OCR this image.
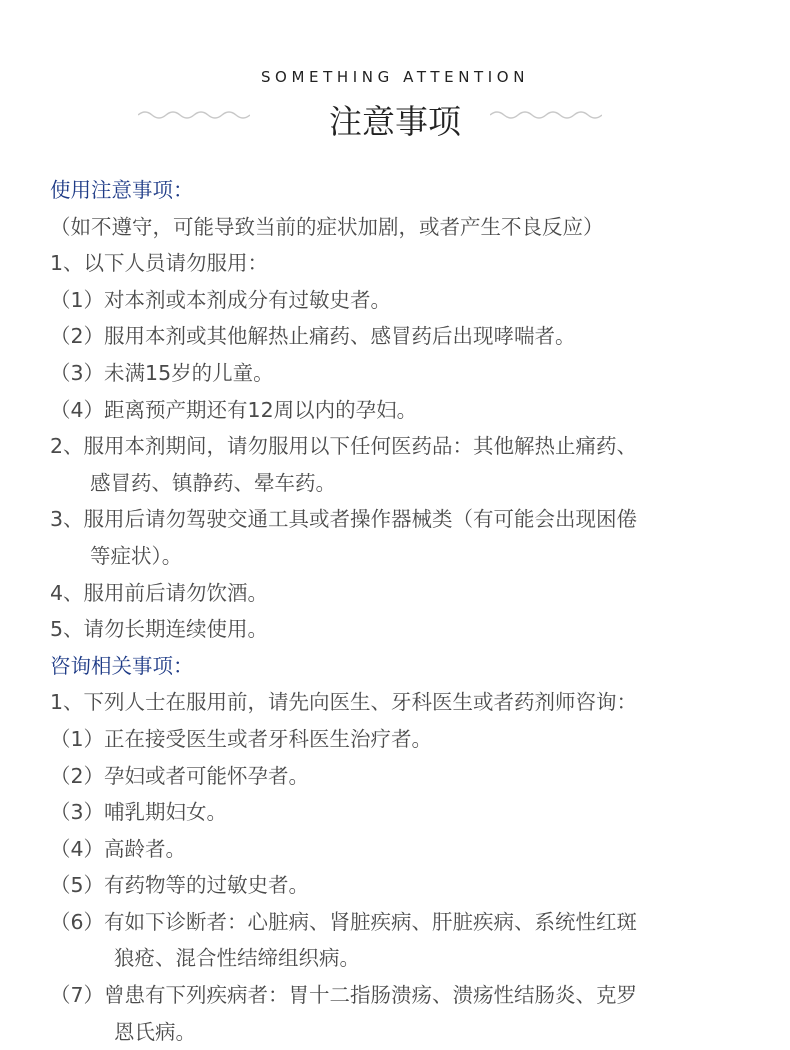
SOMETHING ATTENTION
注意事项
使用注意事项：
（如不遵守，可能导致当前的症状加剧，或者产生不良反应）
1、以下人员请勿服用：
（1）对本剂或本剂成分有过敏史者。
（2）服用本剂或其他解热止痛药、感冒药后出现哮喘者。
（3）未满15岁的儿童。
（4）距离预产期还有12周以内的孕妇。
2、服用本剂期间，请勿服用以下任何医药品：其他解热止痛药、
感冒药、镇静药、晕车药。
3、服用后请勿驾驶交通工具或者操作器械类（有可能会出现困倦
等症状）。
4、服用前后请勿饮酒。
5、请勿长期连续使用。
咨询相关事项：
1、下列人士在服用前，请先向医生、牙科医生或者药剂师咨询：
（1）正在接受医生或者牙科医生治疗者。
（2）孕妇或者可能怀孕者。
（3）哺乳期妇女。
（4）高龄者。
（5）有药物等的过敏史者。
（6）有如下诊断者：心脏病、肾脏疾病、肝脏疾病、系统性红斑
狼疮、混合性结缔组织病。
（7）曾患有下列疾病者：胃十二指肠溃疡、溃疡性结肠炎、克罗
恩氏病。
